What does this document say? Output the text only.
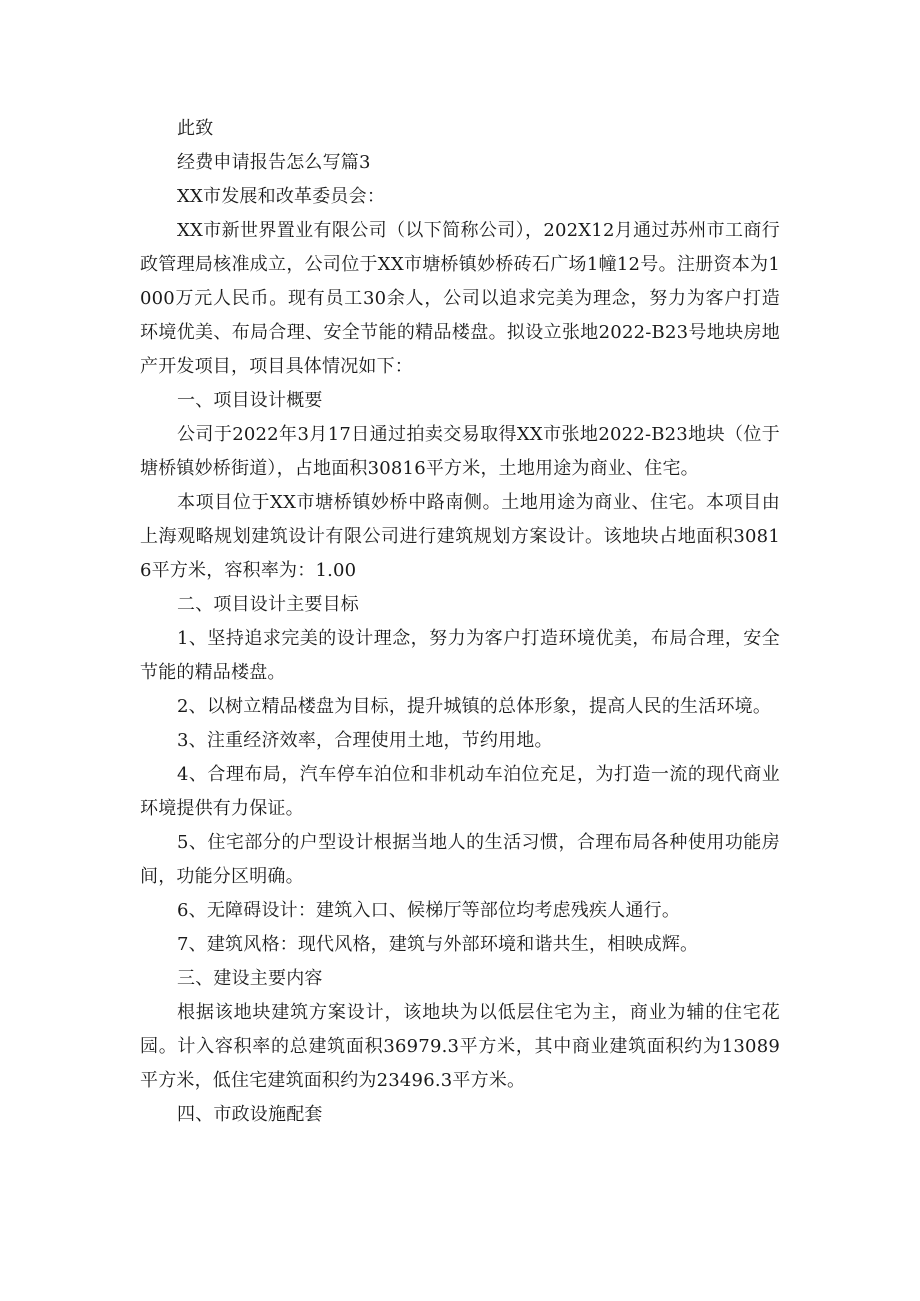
此致

经费申请报告怎么写篇3

XX市发展和改革委员会：

XX市新世界置业有限公司（以下简称公司），202X12月通过苏州市工商行政管理局核准成立，公司位于XX市塘桥镇妙桥砖石广场1幢12号。注册资本为1000万元人民币。现有员工30余人，公司以追求完美为理念，努力为客户打造环境优美、布局合理、安全节能的精品楼盘。拟设立张地2022-B23号地块房地产开发项目，项目具体情况如下：

一、项目设计概要

公司于2022年3月17日通过拍卖交易取得XX市张地2022-B23地块（位于塘桥镇妙桥街道），占地面积30816平方米，土地用途为商业、住宅。

本项目位于XX市塘桥镇妙桥中路南侧。土地用途为商业、住宅。本项目由上海观略规划建筑设计有限公司进行建筑规划方案设计。该地块占地面积30816平方米，容积率为：1.00

二、项目设计主要目标

1、坚持追求完美的设计理念，努力为客户打造环境优美，布局合理，安全节能的精品楼盘。

2、以树立精品楼盘为目标，提升城镇的总体形象，提高人民的生活环境。

3、注重经济效率，合理使用土地，节约用地。

4、合理布局，汽车停车泊位和非机动车泊位充足，为打造一流的现代商业环境提供有力保证。

5、住宅部分的户型设计根据当地人的生活习惯，合理布局各种使用功能房间，功能分区明确。

6、无障碍设计：建筑入口、候梯厅等部位均考虑残疾人通行。

7、建筑风格：现代风格，建筑与外部环境和谐共生，相映成辉。

三、建设主要内容

根据该地块建筑方案设计，该地块为以低层住宅为主，商业为辅的住宅花园。计入容积率的总建筑面积36979.3平方米，其中商业建筑面积约为13089平方米，低住宅建筑面积约为23496.3平方米。

四、市政设施配套
